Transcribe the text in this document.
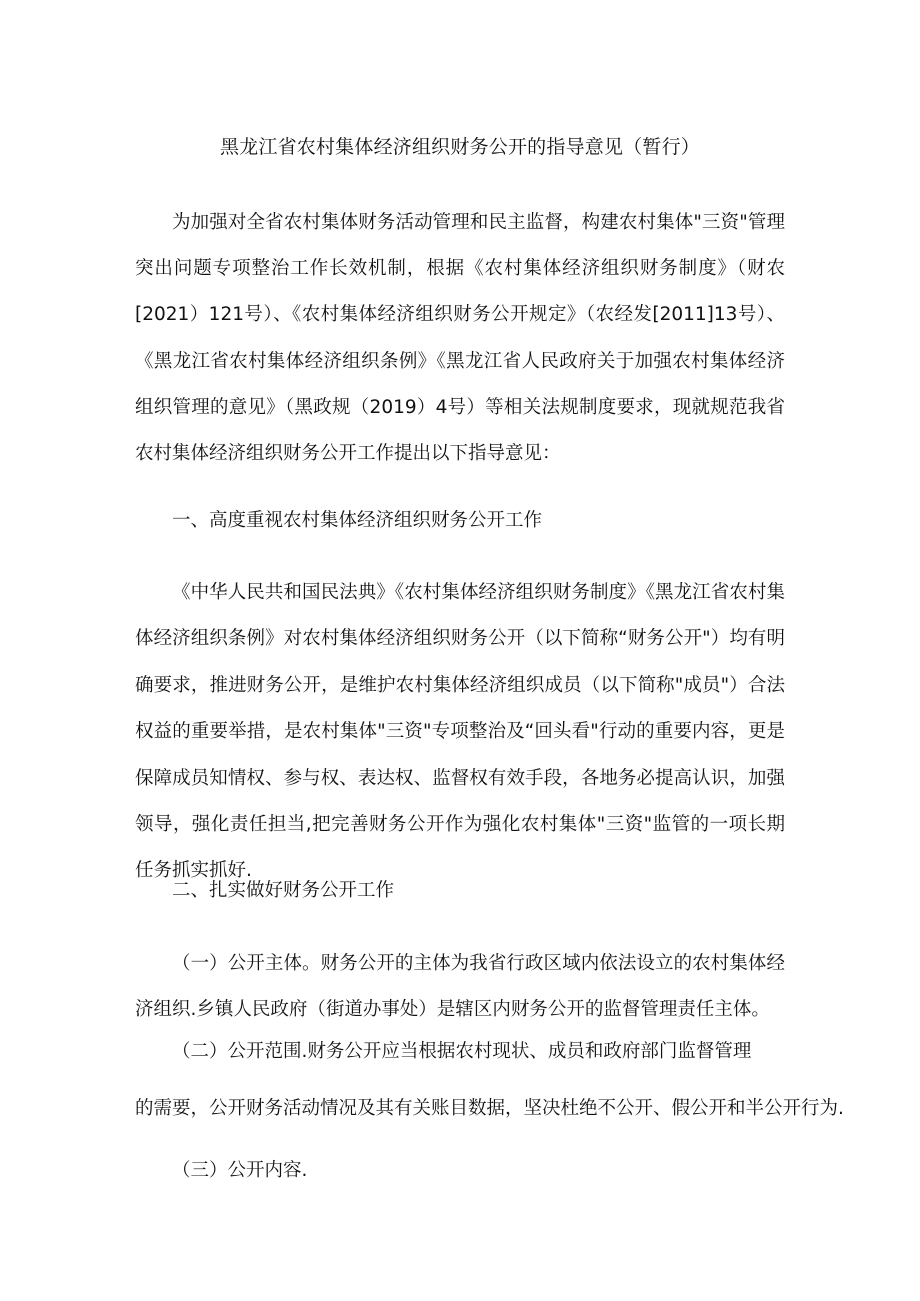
黑龙江省农村集体经济组织财务公开的指导意见（暂行）

为加强对全省农村集体财务活动管理和民主监督，构建农村集体"三资"管理突出问题专项整治工作长效机制，根据《农村集体经济组织财务制度》（财农[2021）121号）、《农村集体经济组织财务公开规定》（农经发[2011]13号）、《黑龙江省农村集体经济组织条例》《黑龙江省人民政府关于加强农村集体经济组织管理的意见》（黑政规（2019）4号）等相关法规制度要求，现就规范我省农村集体经济组织财务公开工作提出以下指导意见：

一、高度重视农村集体经济组织财务公开工作

《中华人民共和国民法典》《农村集体经济组织财务制度》《黑龙江省农村集体经济组织条例》对农村集体经济组织财务公开（以下简称“财务公开"）均有明确要求，推进财务公开，是维护农村集体经济组织成员（以下简称"成员"）合法权益的重要举措，是农村集体"三资"专项整治及“回头看"行动的重要内容，更是保障成员知情权、参与权、表达权、监督权有效手段，各地务必提高认识，加强领导，强化责任担当,把完善财务公开作为强化农村集体"三资"监管的一项长期任务抓实抓好.

二、扎实做好财务公开工作

（一）公开主体。财务公开的主体为我省行政区域内依法设立的农村集体经济组织.乡镇人民政府（街道办事处）是辖区内财务公开的监督管理责任主体。

（二）公开范围.财务公开应当根据农村现状、成员和政府部门监督管理
的需要，公开财务活动情况及其有关账目数据，坚决杜绝不公开、假公开和半公开行为.
（三）公开内容.
